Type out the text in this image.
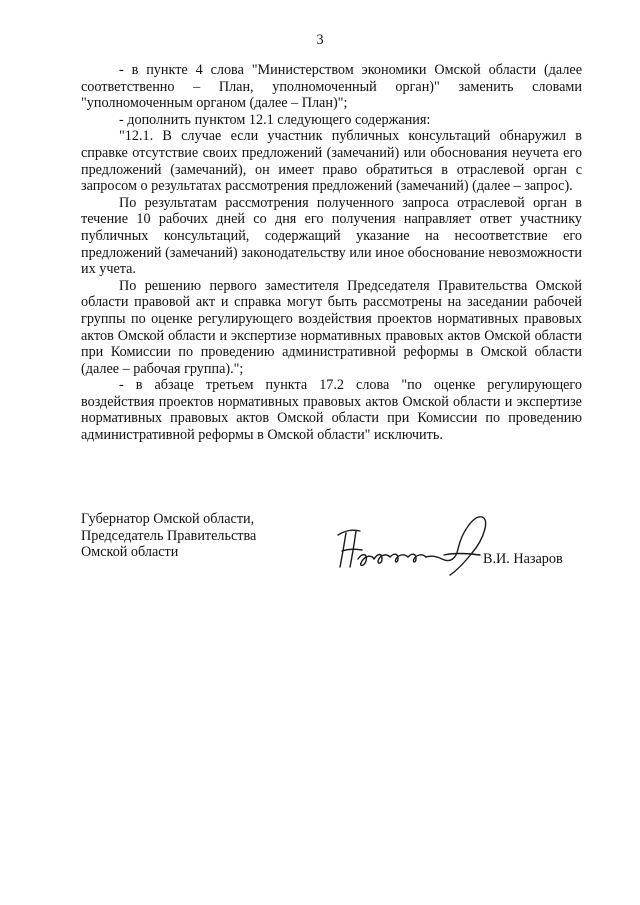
3

- в пункте 4 слова "Министерством экономики Омской области (далее соответственно – План, уполномоченный орган)" заменить словами "уполномоченным органом (далее – План)";

- дополнить пунктом 12.1 следующего содержания:

"12.1. В случае если участник публичных консультаций обнаружил в справке отсутствие своих предложений (замечаний) или обоснования неучета его предложений (замечаний), он имеет право обратиться в отраслевой орган с запросом о результатах рассмотрения предложений (замечаний) (далее – запрос).

По результатам рассмотрения полученного запроса отраслевой орган в течение 10 рабочих дней со дня его получения направляет ответ участнику публичных консультаций, содержащий указание на несоответствие его предложений (замечаний) законодательству или иное обоснование невозможности их учета.

По решению первого заместителя Председателя Правительства Омской области правовой акт и справка могут быть рассмотрены на заседании рабочей группы по оценке регулирующего воздействия проектов нормативных правовых актов Омской области и экспертизе нормативных правовых актов Омской области при Комиссии по проведению административной реформы в Омской области (далее – рабочая группа).";

- в абзаце третьем пункта 17.2 слова "по оценке регулирующего воздействия проектов нормативных правовых актов Омской области и экспертизе нормативных правовых актов Омской области при Комиссии по проведению административной реформы в Омской области" исключить.

Губернатор Омской области,
Председатель Правительства
Омской области	В.И. Назаров
